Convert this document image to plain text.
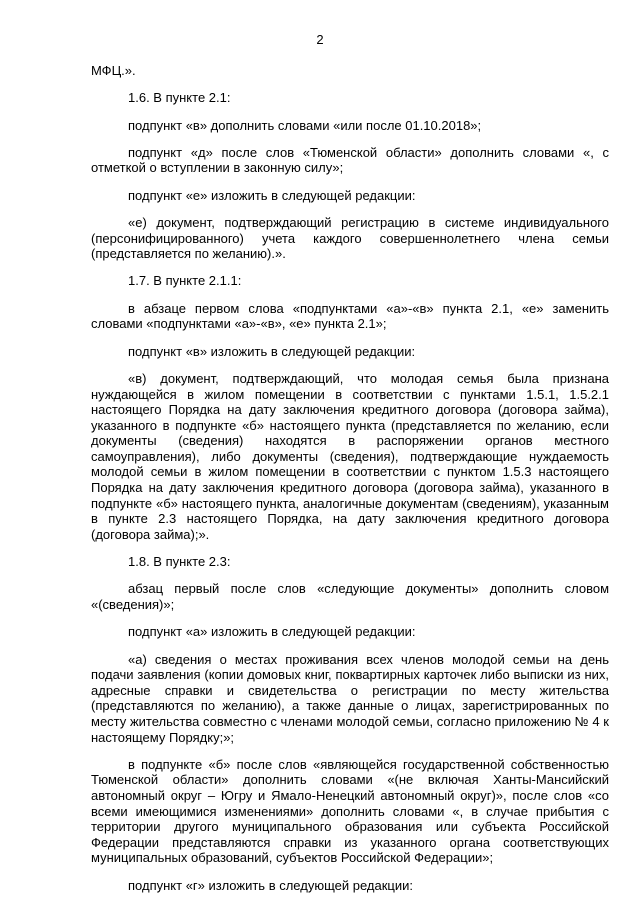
2

МФЦ.».

1.6. В пункте 2.1:

подпункт «в» дополнить словами «или после 01.10.2018»;

подпункт «д» после слов «Тюменской области» дополнить словами «, с отметкой о вступлении в законную силу»;

подпункт «е» изложить в следующей редакции:

«е) документ, подтверждающий регистрацию в системе индивидуального (персонифицированного) учета каждого совершеннолетнего члена семьи (представляется по желанию).».

1.7. В пункте 2.1.1:

в абзаце первом слова «подпунктами «а»-«в» пункта 2.1, «е» заменить словами «подпунктами «а»-«в», «е» пункта 2.1»;

подпункт «в» изложить в следующей редакции:

«в) документ, подтверждающий, что молодая семья была признана нуждающейся в жилом помещении в соответствии с пунктами 1.5.1, 1.5.2.1 настоящего Порядка на дату заключения кредитного договора (договора займа), указанного в подпункте «б» настоящего пункта (представляется по желанию, если документы (сведения) находятся в распоряжении органов местного самоуправления), либо документы (сведения), подтверждающие нуждаемость молодой семьи в жилом помещении в соответствии с пунктом 1.5.3 настоящего Порядка на дату заключения кредитного договора (договора займа), указанного в подпункте «б» настоящего пункта, аналогичные документам (сведениям), указанным в пункте 2.3 настоящего Порядка, на дату заключения кредитного договора (договора займа);».

1.8. В пункте 2.3:

абзац первый после слов «следующие документы» дополнить словом «(сведения)»;

подпункт «а» изложить в следующей редакции:

«а) сведения о местах проживания всех членов молодой семьи на день подачи заявления (копии домовых книг, поквартирных карточек либо выписки из них, адресные справки и свидетельства о регистрации по месту жительства (представляются по желанию), а также данные о лицах, зарегистрированных по месту жительства совместно с членами молодой семьи, согласно приложению № 4 к настоящему Порядку;»;

в подпункте «б» после слов «являющейся государственной собственностью Тюменской области» дополнить словами «(не включая Ханты-Мансийский автономный округ – Югру и Ямало-Ненецкий автономный округ)», после слов «со всеми имеющимися изменениями» дополнить словами «, в случае прибытия с территории другого муниципального образования или субъекта Российской Федерации представляются справки из указанного органа соответствующих муниципальных образований, субъектов Российской Федерации»;

подпункт «г» изложить в следующей редакции:
